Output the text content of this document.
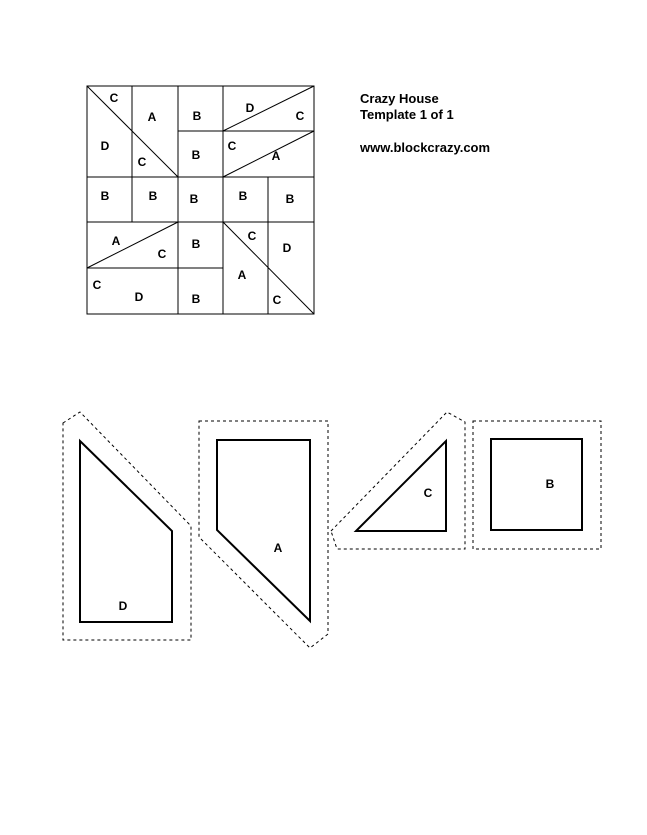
Crazy House
Template 1 of 1
www.blockcrazy.com
C
A	B
D
C
D
C	B
C
A
B	B	B	B	B
A
C
B
C
D
C
D	B
A
C
D
A
C
B
